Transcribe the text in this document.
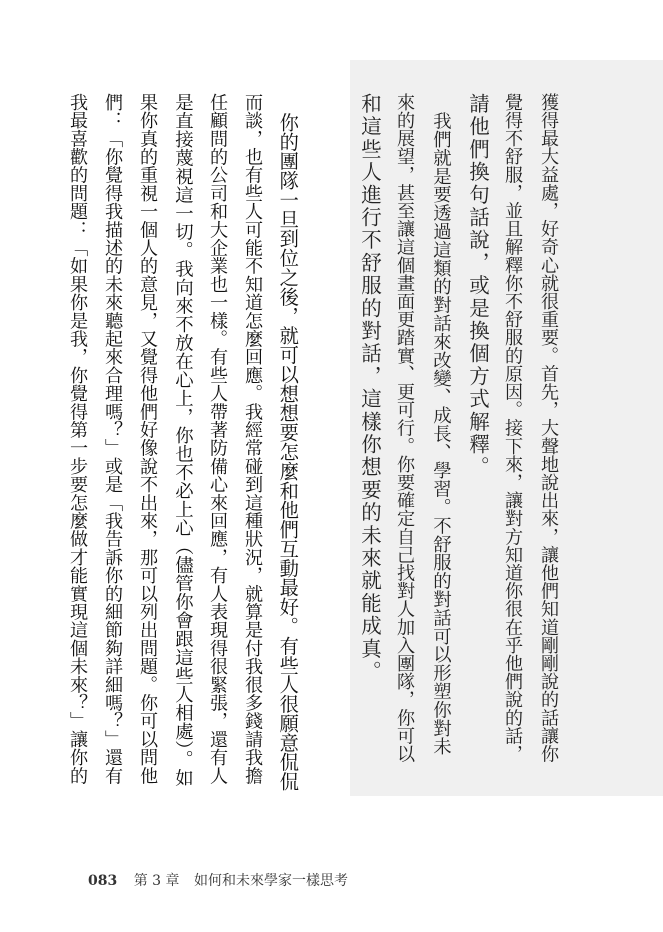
獲得最大益處，好奇心就很重要。首先，大聲地說出來，讓他們知道剛剛說的話讓你
覺得不舒服，並且解釋你不舒服的原因。接下來，讓對方知道你很在乎他們說的話，
請他們換句話說，或是換個方式解釋。
　我們就是要透過這類的對話來改變、成長、學習。不舒服的對話可以形塑你對未
來的展望，甚至讓這個畫面更踏實、更可行。你要確定自己找對人加入團隊，你可以
和這些人進行不舒服的對話，這樣你想要的未來就能成真。
　你的團隊一旦到位之後，就可以想想要怎麼和他們互動最好。有些人很願意侃侃
而談，也有些人可能不知道怎麼回應。我經常碰到這種狀況，就算是付我很多錢請我擔
任顧問的公司和大企業也一樣。有些人帶著防備心來回應，有人表現得很緊張，還有人
是直接蔑視這一切。我向來不放在心上，你也不必上心（儘管你會跟這些人相處）。如
果你真的重視一個人的意見，又覺得他們好像說不出來，那可以列出問題。你可以問他
們：「你覺得我描述的未來聽起來合理嗎？」或是「我告訴你的細節夠詳細嗎？」還有
我最喜歡的問題：「如果你是我，你覺得第一步要怎麼做才能實現這個未來？」讓你的
083 第 3 章 如何和未來學家一樣思考
